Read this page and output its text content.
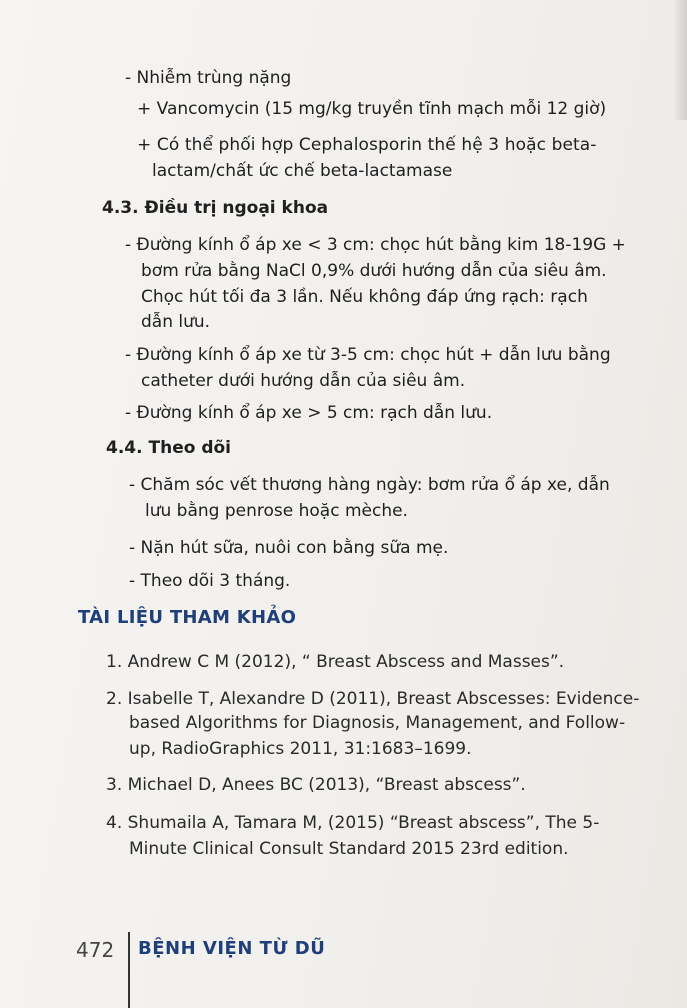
- Nhiễm trùng nặng
+ Vancomycin (15 mg/kg truyền tĩnh mạch mỗi 12 giờ)
+ Có thể phối hợp Cephalosporin thế hệ 3 hoặc beta-
lactam/chất ức chế beta-lactamase
4.3. Điều trị ngoại khoa
- Đường kính ổ áp xe < 3 cm: chọc hút bằng kim 18-19G +
bơm rửa bằng NaCl 0,9% dưới hướng dẫn của siêu âm.
Chọc hút tối đa 3 lần. Nếu không đáp ứng rạch: rạch
dẫn lưu.
- Đường kính ổ áp xe từ 3-5 cm: chọc hút + dẫn lưu bằng
catheter dưới hướng dẫn của siêu âm.
- Đường kính ổ áp xe > 5 cm: rạch dẫn lưu.
4.4. Theo dõi
- Chăm sóc vết thương hàng ngày: bơm rửa ổ áp xe, dẫn
lưu bằng penrose hoặc mèche.
- Nặn hút sữa, nuôi con bằng sữa mẹ.
- Theo dõi 3 tháng.
TÀI LIỆU THAM KHẢO
1. Andrew C M (2012), “ Breast Abscess and Masses”.
2. Isabelle T, Alexandre D (2011), Breast Abscesses: Evidence-
based Algorithms for Diagnosis, Management, and Follow-
up, RadioGraphics 2011, 31:1683–1699.
3. Michael D, Anees BC (2013), “Breast abscess”.
4. Shumaila A, Tamara M, (2015) “Breast abscess”, The 5-
Minute Clinical Consult Standard 2015 23rd edition.
472 BỆNH VIỆN TỪ DŨ
